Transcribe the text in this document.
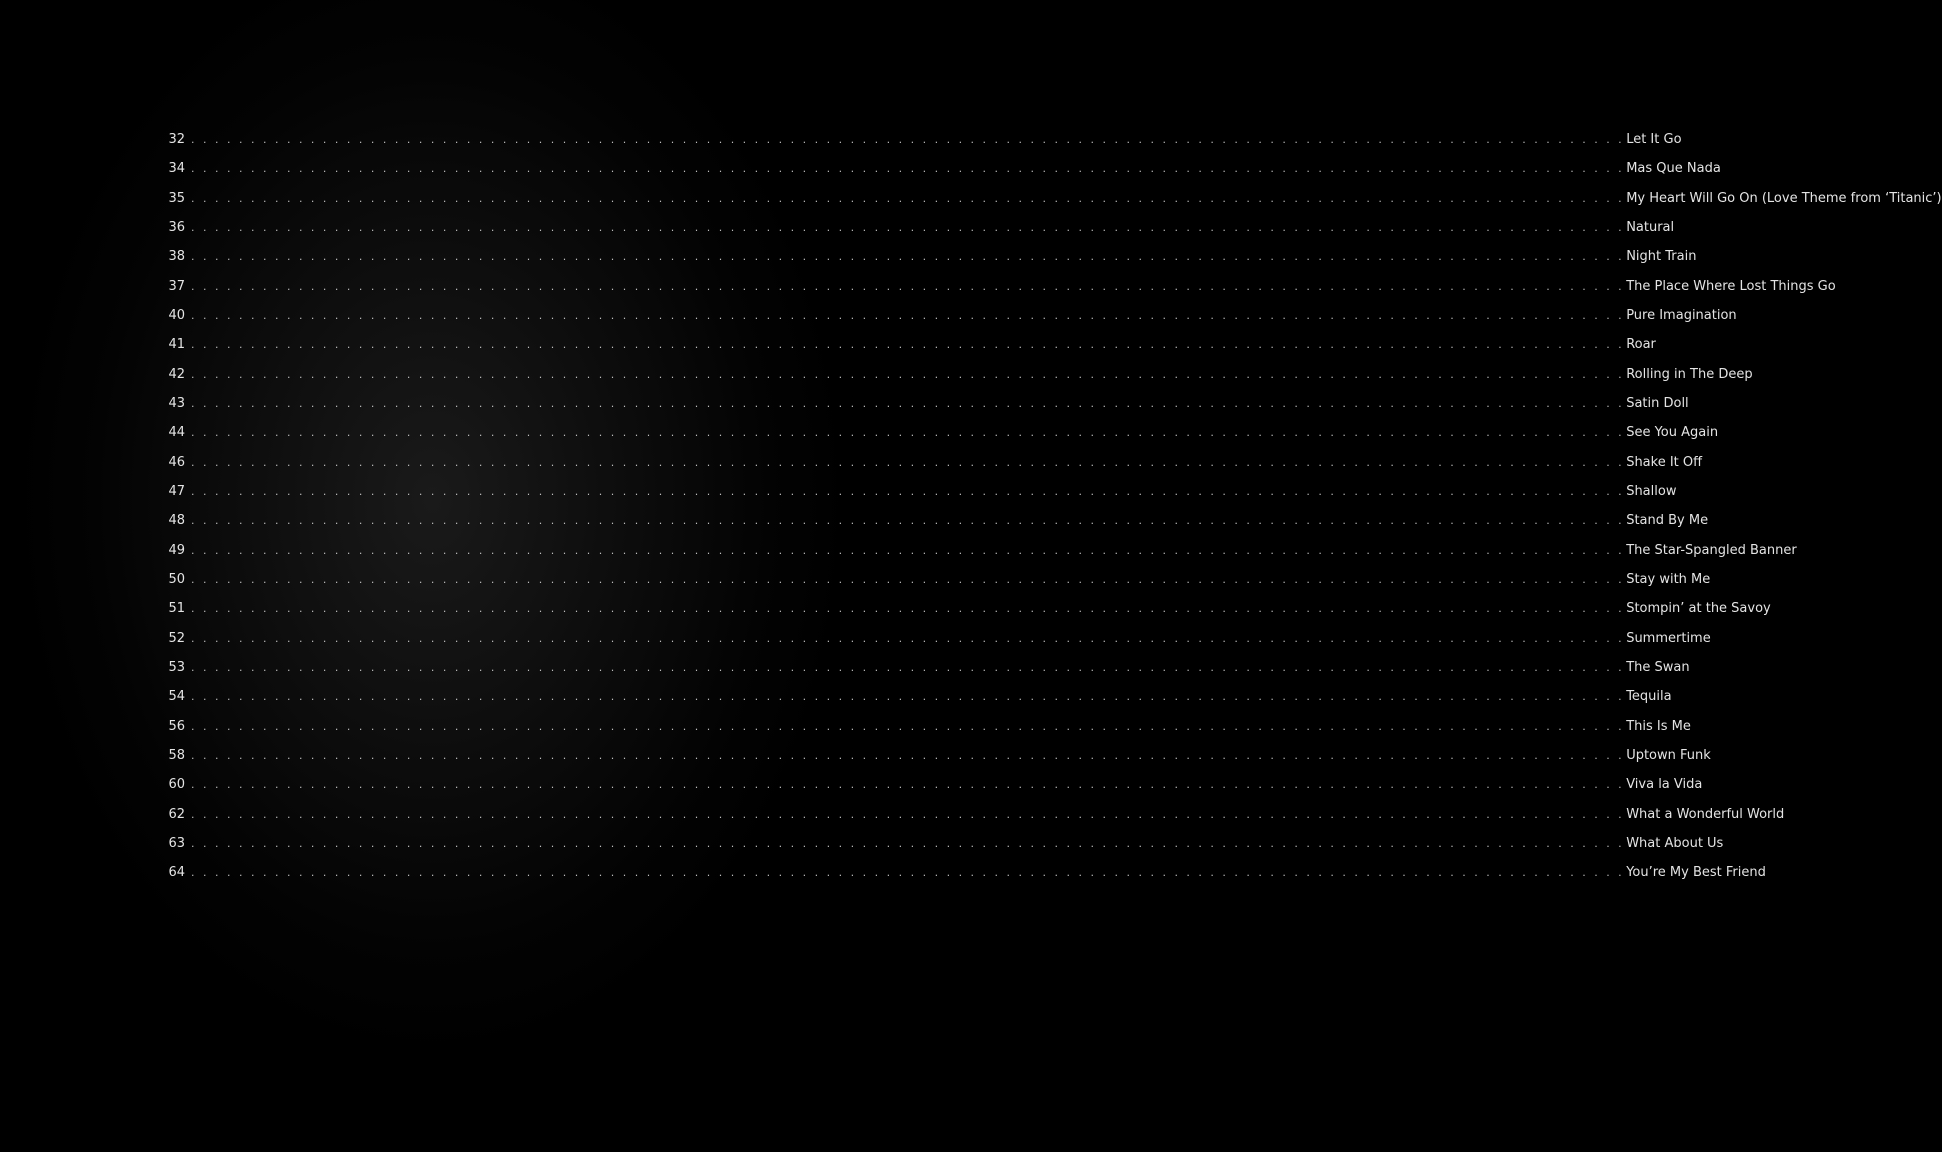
32 . . . . . . . . . . . . . . . . . . . . . . . . . . . . . . . . . . . . . . . . . . . . . . . . . . . . . . . . . . . . . . . . . . . . . . . . . . . . . . . . . . . . . . . . . . . . . . . . . . . . . . . . . . . . . . . . . . . . . . . . Let It Go
34 . . . . . . . . . . . . . . . . . . . . . . . . . . . . . . . . . . . . . . . . . . . . . . . . . . . . . . . . . . . . . . . . . . . . . . . . . . . . . . . . . . . . . . . . . . . . . . . . . . . . . . . . . . . . . . . . . . . . . . . . Mas Que Nada
35 . . . . . . . . . . . . . . . . . . . . . . . . . . . . . . . . . . . . . . . . . . . . . . . . . . . . . . . . . . . . . . . . . . . . . . . . . . . . . . . . . . . . . . . . . . . . . . . . . . . . . . . . . . . . . . . . . . . . . . . . My Heart Will Go On (Love Theme from ‘Titanic’)
36 . . . . . . . . . . . . . . . . . . . . . . . . . . . . . . . . . . . . . . . . . . . . . . . . . . . . . . . . . . . . . . . . . . . . . . . . . . . . . . . . . . . . . . . . . . . . . . . . . . . . . . . . . . . . . . . . . . . . . . . . Natural
38 . . . . . . . . . . . . . . . . . . . . . . . . . . . . . . . . . . . . . . . . . . . . . . . . . . . . . . . . . . . . . . . . . . . . . . . . . . . . . . . . . . . . . . . . . . . . . . . . . . . . . . . . . . . . . . . . . . . . . . . . Night Train
37 . . . . . . . . . . . . . . . . . . . . . . . . . . . . . . . . . . . . . . . . . . . . . . . . . . . . . . . . . . . . . . . . . . . . . . . . . . . . . . . . . . . . . . . . . . . . . . . . . . . . . . . . . . . . . . . . . . . . . . . . The Place Where Lost Things Go
40 . . . . . . . . . . . . . . . . . . . . . . . . . . . . . . . . . . . . . . . . . . . . . . . . . . . . . . . . . . . . . . . . . . . . . . . . . . . . . . . . . . . . . . . . . . . . . . . . . . . . . . . . . . . . . . . . . . . . . . . . Pure Imagination
41 . . . . . . . . . . . . . . . . . . . . . . . . . . . . . . . . . . . . . . . . . . . . . . . . . . . . . . . . . . . . . . . . . . . . . . . . . . . . . . . . . . . . . . . . . . . . . . . . . . . . . . . . . . . . . . . . . . . . . . . . Roar
42 . . . . . . . . . . . . . . . . . . . . . . . . . . . . . . . . . . . . . . . . . . . . . . . . . . . . . . . . . . . . . . . . . . . . . . . . . . . . . . . . . . . . . . . . . . . . . . . . . . . . . . . . . . . . . . . . . . . . . . . . Rolling in The Deep
43 . . . . . . . . . . . . . . . . . . . . . . . . . . . . . . . . . . . . . . . . . . . . . . . . . . . . . . . . . . . . . . . . . . . . . . . . . . . . . . . . . . . . . . . . . . . . . . . . . . . . . . . . . . . . . . . . . . . . . . . . Satin Doll
44 . . . . . . . . . . . . . . . . . . . . . . . . . . . . . . . . . . . . . . . . . . . . . . . . . . . . . . . . . . . . . . . . . . . . . . . . . . . . . . . . . . . . . . . . . . . . . . . . . . . . . . . . . . . . . . . . . . . . . . . . See You Again
46 . . . . . . . . . . . . . . . . . . . . . . . . . . . . . . . . . . . . . . . . . . . . . . . . . . . . . . . . . . . . . . . . . . . . . . . . . . . . . . . . . . . . . . . . . . . . . . . . . . . . . . . . . . . . . . . . . . . . . . . . Shake It Off
47 . . . . . . . . . . . . . . . . . . . . . . . . . . . . . . . . . . . . . . . . . . . . . . . . . . . . . . . . . . . . . . . . . . . . . . . . . . . . . . . . . . . . . . . . . . . . . . . . . . . . . . . . . . . . . . . . . . . . . . . . Shallow
48 . . . . . . . . . . . . . . . . . . . . . . . . . . . . . . . . . . . . . . . . . . . . . . . . . . . . . . . . . . . . . . . . . . . . . . . . . . . . . . . . . . . . . . . . . . . . . . . . . . . . . . . . . . . . . . . . . . . . . . . . Stand By Me
49 . . . . . . . . . . . . . . . . . . . . . . . . . . . . . . . . . . . . . . . . . . . . . . . . . . . . . . . . . . . . . . . . . . . . . . . . . . . . . . . . . . . . . . . . . . . . . . . . . . . . . . . . . . . . . . . . . . . . . . . . The Star-Spangled Banner
50 . . . . . . . . . . . . . . . . . . . . . . . . . . . . . . . . . . . . . . . . . . . . . . . . . . . . . . . . . . . . . . . . . . . . . . . . . . . . . . . . . . . . . . . . . . . . . . . . . . . . . . . . . . . . . . . . . . . . . . . . Stay with Me
51 . . . . . . . . . . . . . . . . . . . . . . . . . . . . . . . . . . . . . . . . . . . . . . . . . . . . . . . . . . . . . . . . . . . . . . . . . . . . . . . . . . . . . . . . . . . . . . . . . . . . . . . . . . . . . . . . . . . . . . . . Stompin’ at the Savoy
52 . . . . . . . . . . . . . . . . . . . . . . . . . . . . . . . . . . . . . . . . . . . . . . . . . . . . . . . . . . . . . . . . . . . . . . . . . . . . . . . . . . . . . . . . . . . . . . . . . . . . . . . . . . . . . . . . . . . . . . . . Summertime
53 . . . . . . . . . . . . . . . . . . . . . . . . . . . . . . . . . . . . . . . . . . . . . . . . . . . . . . . . . . . . . . . . . . . . . . . . . . . . . . . . . . . . . . . . . . . . . . . . . . . . . . . . . . . . . . . . . . . . . . . . The Swan
54 . . . . . . . . . . . . . . . . . . . . . . . . . . . . . . . . . . . . . . . . . . . . . . . . . . . . . . . . . . . . . . . . . . . . . . . . . . . . . . . . . . . . . . . . . . . . . . . . . . . . . . . . . . . . . . . . . . . . . . . . Tequila
56 . . . . . . . . . . . . . . . . . . . . . . . . . . . . . . . . . . . . . . . . . . . . . . . . . . . . . . . . . . . . . . . . . . . . . . . . . . . . . . . . . . . . . . . . . . . . . . . . . . . . . . . . . . . . . . . . . . . . . . . . This Is Me
58 . . . . . . . . . . . . . . . . . . . . . . . . . . . . . . . . . . . . . . . . . . . . . . . . . . . . . . . . . . . . . . . . . . . . . . . . . . . . . . . . . . . . . . . . . . . . . . . . . . . . . . . . . . . . . . . . . . . . . . . . Uptown Funk
60 . . . . . . . . . . . . . . . . . . . . . . . . . . . . . . . . . . . . . . . . . . . . . . . . . . . . . . . . . . . . . . . . . . . . . . . . . . . . . . . . . . . . . . . . . . . . . . . . . . . . . . . . . . . . . . . . . . . . . . . . Viva la Vida
62 . . . . . . . . . . . . . . . . . . . . . . . . . . . . . . . . . . . . . . . . . . . . . . . . . . . . . . . . . . . . . . . . . . . . . . . . . . . . . . . . . . . . . . . . . . . . . . . . . . . . . . . . . . . . . . . . . . . . . . . . What a Wonderful World
63 . . . . . . . . . . . . . . . . . . . . . . . . . . . . . . . . . . . . . . . . . . . . . . . . . . . . . . . . . . . . . . . . . . . . . . . . . . . . . . . . . . . . . . . . . . . . . . . . . . . . . . . . . . . . . . . . . . . . . . . . What About Us
64 . . . . . . . . . . . . . . . . . . . . . . . . . . . . . . . . . . . . . . . . . . . . . . . . . . . . . . . . . . . . . . . . . . . . . . . . . . . . . . . . . . . . . . . . . . . . . . . . . . . . . . . . . . . . . . . . . . . . . . . . You’re My Best Friend
